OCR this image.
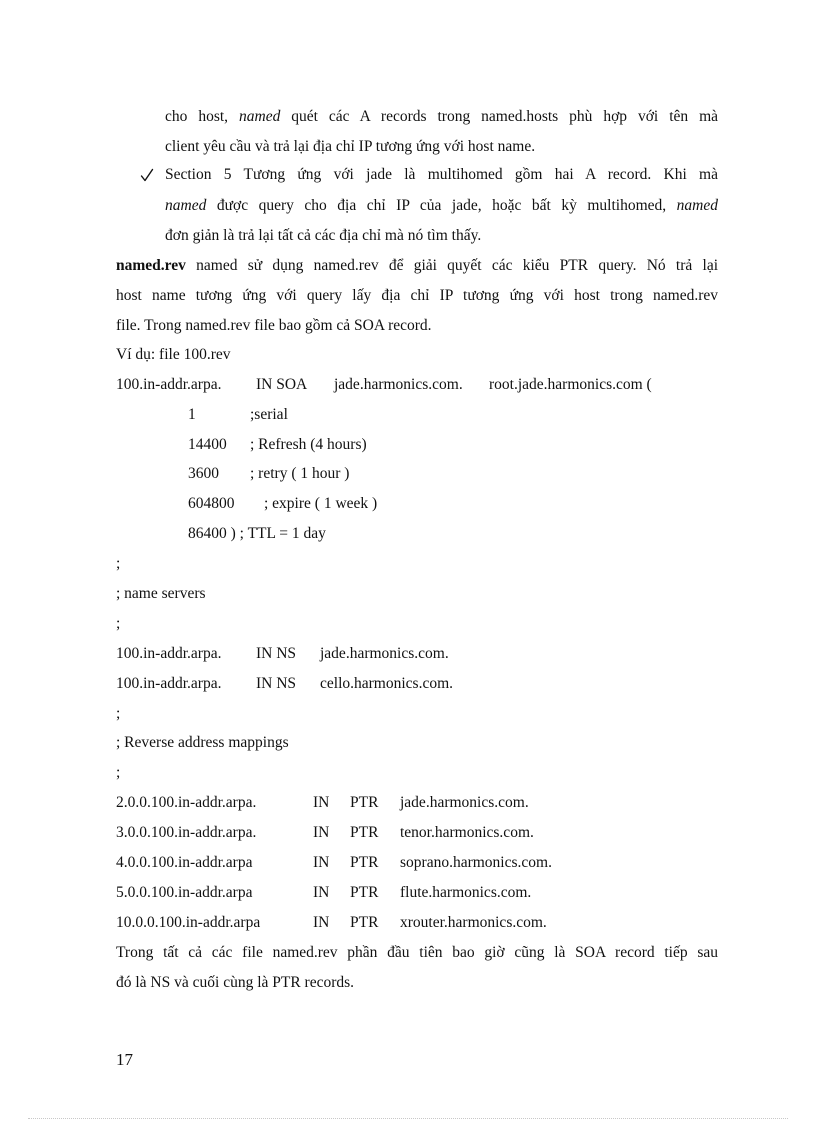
cho host, named quét các A records trong named.hosts phù hợp với tên mà
client yêu cầu và trả lại địa chỉ IP tương ứng với host name.
Section 5 Tương ứng với jade là multihomed gồm hai A record. Khi mà
named được query cho địa chỉ IP của jade, hoặc bất kỳ multihomed, named
đơn giản là trả lại tất cả các địa chỉ mà nó tìm thấy.
named.rev named sử dụng named.rev để giải quyết các kiểu PTR query. Nó trả lại
host name tương ứng với query lấy địa chỉ IP tương ứng với host trong named.rev
file. Trong named.rev file bao gồm cả SOA record.
Ví dụ: file 100.rev
100.in-addr.arpa. IN SOA jade.harmonics.com. root.jade.harmonics.com (
1	;serial
14400 ; Refresh (4 hours)
3600 ; retry ( 1 hour )
604800 ; expire ( 1 week )
86400 ) ; TTL = 1 day
;
; name servers
;
100.in-addr.arpa. IN NS jade.harmonics.com.
100.in-addr.arpa. IN NS cello.harmonics.com.
;
; Reverse address mappings
;
2.0.0.100.in-addr.arpa.	IN PTR jade.harmonics.com.
3.0.0.100.in-addr.arpa.	IN PTR tenor.harmonics.com.
4.0.0.100.in-addr.arpa	IN PTR soprano.harmonics.com.
5.0.0.100.in-addr.arpa	IN PTR flute.harmonics.com.
10.0.0.100.in-addr.arpa	IN PTR xrouter.harmonics.com.
Trong tất cả các file named.rev phần đầu tiên bao giờ cũng là SOA record tiếp sau
đó là NS và cuối cùng là PTR records.
17
